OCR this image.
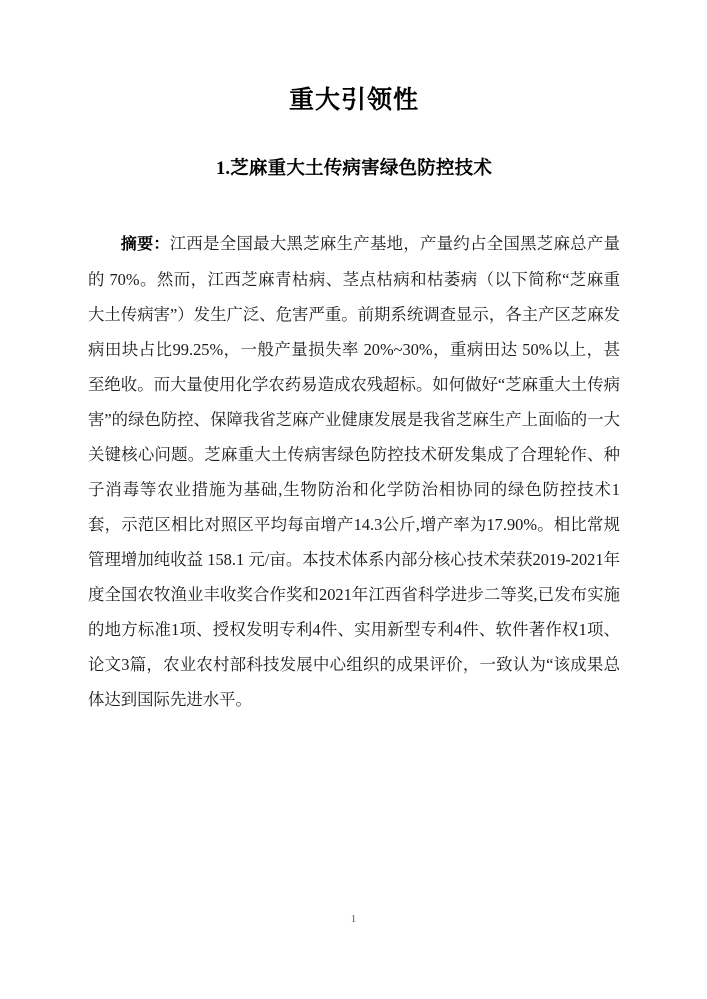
重大引领性
1.芝麻重大土传病害绿色防控技术

摘要：江西是全国最大黑芝麻生产基地，产量约占全国黑芝麻总产量的 70%。然而，江西芝麻青枯病、茎点枯病和枯萎病（以下简称“芝麻重大土传病害”）发生广泛、危害严重。前期系统调查显示，各主产区芝麻发病田块占比99.25%，一般产量损失率 20%~30%，重病田达 50%以上，甚至绝收。而大量使用化学农药易造成农残超标。如何做好“芝麻重大土传病害”的绿色防控、保障我省芝麻产业健康发展是我省芝麻生产上面临的一大关键核心问题。芝麻重大土传病害绿色防控技术研发集成了合理轮作、种子消毒等农业措施为基础,生物防治和化学防治相协同的绿色防控技术1套，示范区相比对照区平均每亩增产14.3公斤,增产率为17.90%。相比常规管理增加纯收益 158.1 元/亩。本技术体系内部分核心技术荣获2019-2021年度全国农牧渔业丰收奖合作奖和2021年江西省科学进步二等奖,已发布实施的地方标准1项、授权发明专利4件、实用新型专利4件、软件著作权1项、论文3篇，农业农村部科技发展中心组织的成果评价，一致认为“该成果总体达到国际先进水平。

1
